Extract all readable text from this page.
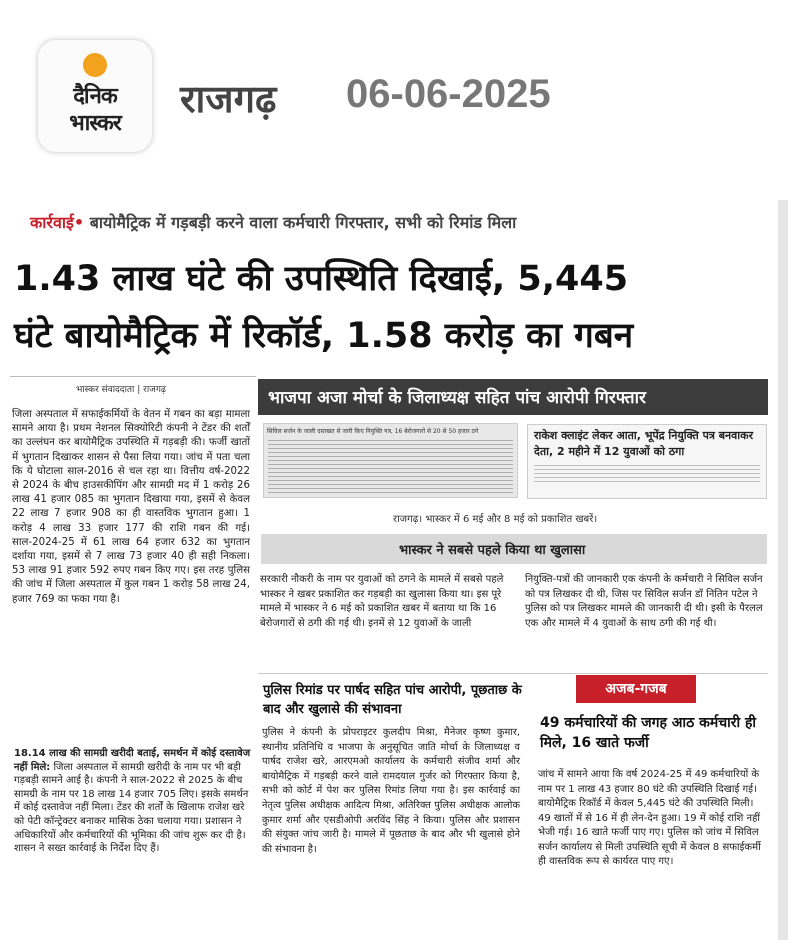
दैनिक
भास्कर
राजगढ़ 06-06-2025
कार्रवाई• बायोमैट्रिक में गड़बड़ी करने वाला कर्मचारी गिरफ्तार, सभी को रिमांड मिला
1.43 लाख घंटे की उपस्थिति दिखाई, 5,445
घंटे बायोमैट्रिक में रिकॉर्ड, 1.58 करोड़ का गबन
भास्कर संवाददाता | राजगढ़

जिला अस्पताल में सफाईकर्मियों के वेतन में गबन का बड़ा मामला सामने आया है। प्रथम नेशनल सिक्योरिटी कंपनी ने टेंडर की शर्तों का उल्लंघन कर बायोमैट्रिक उपस्थिति में गड़बड़ी की। फर्जी खातों में भुगतान दिखाकर शासन से पैसा लिया गया। जांच में पता चला कि ये घोटाला साल-2016 से चल रहा था। वित्तीय वर्ष-2022 से 2024 के बीच हाउसकीपिंग और सामग्री मद में 1 करोड़ 26 लाख 41 हजार 085 का भुगतान दिखाया गया, इसमें से केवल 22 लाख 7 हजार 908 का ही वास्तविक भुगतान हुआ। 1 करोड़ 4 लाख 33 हजार 177 की राशि गबन की गई। साल-2024-25 में 61 लाख 64 हजार 632 का भुगतान दर्शाया गया, इसमें से 7 लाख 73 हजार 40 ही सही निकला। 53 लाख 91 हजार 592 रुपए गबन किए गए। इस तरह पुलिस की जांच में जिला अस्पताल में कुल गबन 1 करोड़ 58 लाख 24, हजार 769 का फका गया है।

18.14 लाख की सामग्री खरीदी बताई, समर्थन में कोई दस्तावेज नहीं मिले: जिला अस्पताल में सामग्री खरीदी के नाम पर भी बड़ी गड़बड़ी सामने आई है। कंपनी ने साल-2022 से 2025 के बीच सामग्री के नाम पर 18 लाख 14 हजार 705 लिए। इसके समर्थन में कोई दस्तावेज नहीं मिला। टेंडर की शर्तों के खिलाफ राजेश खरे को पेटी कॉन्ट्रेक्टर बनाकर मासिक ठेका चलाया गया। प्रशासन ने अधिकारियों और कर्मचारियों की भूमिका की जांच शुरू कर दी है। शासन ने सख्त कार्रवाई के निर्देश दिए हैं।
भाजपा अजा मोर्चा के जिलाध्यक्ष सहित पांच आरोपी गिरफ्तार
सिविल सर्जन के जाली दस्तखत से जारी किए नियुक्ति पत्र, 16 बेरोजगारों से 20 से 50 हजार ठगे	राकेश क्लाइंट लेकर आता, भूपेंद्र नियुक्ति पत्र बनवाकर देता, 2 महीने में 12 युवाओं को ठगा
राजगढ़। भास्कर में 6 मई और 8 मई को प्रकाशित खबरें।
भास्कर ने सबसे पहले किया था खुलासा
सरकारी नौकरी के नाम पर युवाओं को ठगने के मामले में सबसे पहले भास्कर ने खबर प्रकाशित कर गड़बड़ी का खुलासा किया था। इस पूरे मामले में भास्कर ने 6 मई को प्रकाशित खबर में बताया था कि 16 बेरोजगारों से ठगी की गई थी। इनमें से 12 युवाओं के जाली
नियुक्ति-पत्रों की जानकारी एक कंपनी के कर्मचारी ने सिविल सर्जन को पत्र लिखकर दी थी, जिस पर सिविल सर्जन डॉ नितिन पटेल ने पुलिस को पत्र लिखकर मामले की जानकारी दी थी। इसी के पैरलल एक और मामले में 4 युवाओं के साथ ठगी की गई थी।
पुलिस रिमांड पर पार्षद सहित पांच आरोपी, पूछताछ के बाद और खुलासे की संभावना
पुलिस ने कंपनी के प्रोपराइटर कुलदीप मिश्रा, मैनेजर कृष्ण कुमार, स्थानीय प्रतिनिधि व भाजपा के अनुसूचित जाति मोर्चा के जिलाध्यक्ष व पार्षद राजेश खरे, आरएमओ कार्यालय के कर्मचारी संजीव शर्मा और बायोमैट्रिक में गड़बड़ी करने वाले रामदयाल गुर्जर को गिरफ्तार किया है, सभी को कोर्ट में पेश कर पुलिस रिमांड लिया गया है। इस कार्रवाई का नेतृत्व पुलिस अधीक्षक आदित्य मिश्रा, अतिरिक्त पुलिस अधीक्षक आलोक कुमार शर्मा और एसडीओपी अरविंद सिंह ने किया। पुलिस और प्रशासन की संयुक्त जांच जारी है। मामले में पूछताछ के बाद और भी खुलासे होने की संभावना है।
अजब-गजब
49 कर्मचारियों की जगह आठ कर्मचारी ही मिले, 16 खाते फर्जी
जांच में सामने आया कि वर्ष 2024-25 में 49 कर्मचारियों के नाम पर 1 लाख 43 हजार 80 घंटे की उपस्थिति दिखाई गई। बायोमैट्रिक रिकॉर्ड में केवल 5,445 घंटे की उपस्थिति मिली। 49 खातों में से 16 में ही लेन-देन हुआ। 19 में कोई राशि नहीं भेजी गई। 16 खाते फर्जी पाए गए। पुलिस को जांच में सिविल सर्जन कार्यालय से मिली उपस्थिति सूची में केवल 8 सफाईकर्मी ही वास्तविक रूप से कार्यरत पाए गए।
